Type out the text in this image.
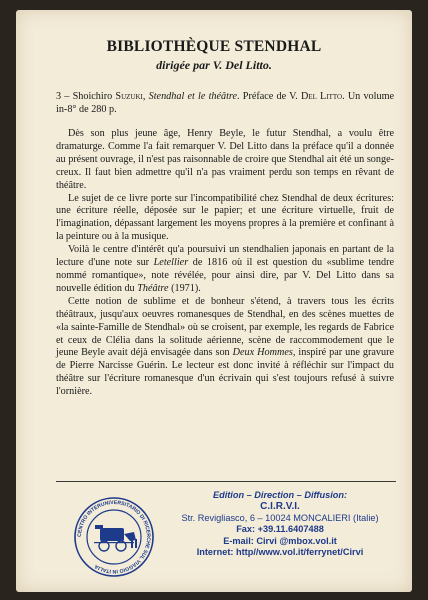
BIBLIOTHÈQUE STENDHAL
dirigée par V. Del Litto.
3 – Shoichiro Suzuki, Stendhal et le théâtre. Préface de V. Del Litto. Un volume in-8° de 280 p.

Dès son plus jeune âge, Henry Beyle, le futur Stendhal, a voulu être dramaturge. Comme l'a fait remarquer V. Del Litto dans la préface qu'il a donnée au présent ouvrage, il n'est pas raisonnable de croire que Stendhal ait été un songe-creux. Il faut bien admettre qu'il n'a pas vraiment perdu son temps en rêvant de théâtre.

Le sujet de ce livre porte sur l'incompatibilité chez Stendhal de deux écritures: une écriture réelle, déposée sur le papier; et une écriture virtuelle, fruit de l'imagination, dépassant largement les moyens propres à la première et confinant à la peinture ou à la musique.

Voilà le centre d'intérêt qu'a poursuivi un stendhalien japonais en partant de la lecture d'une note sur Letellier de 1816 où il est question du «sublime tendre nommé romantique», note révélée, pour ainsi dire, par V. Del Litto dans sa nouvelle édition du Théâtre (1971).

Cette notion de sublime et de bonheur s'étend, à travers tous les écrits théâtraux, jusqu'aux oeuvres romanesques de Stendhal, en des scènes muettes de «la sainte-Famille de Stendhal» où se croisent, par exemple, les regards de Fabrice et ceux de Clélia dans la solitude aérienne, scène de raccommodement que le jeune Beyle avait déjà envisagée dans son Deux Hommes, inspiré par une gravure de Pierre Narcisse Guérin. Le lecteur est donc invité à réfléchir sur l'impact du théâtre sur l'écriture romanesque d'un écrivain qui s'est toujours refusé à suivre l'ornière.

CENTRO INTERUNIVERSITARIO DI RICERCHE SUL VIAGGIO IN ITALIA
Edition – Direction – Diffusion:
C.I.R.V.I.
Str. Revigliasco, 6 – 10024 MONCALIERI (Italie)
Fax: +39.11.6407488
E-mail: Cirvi @mbox.vol.it
Internet: http//www.vol.it/ferrynet/Cirvi
